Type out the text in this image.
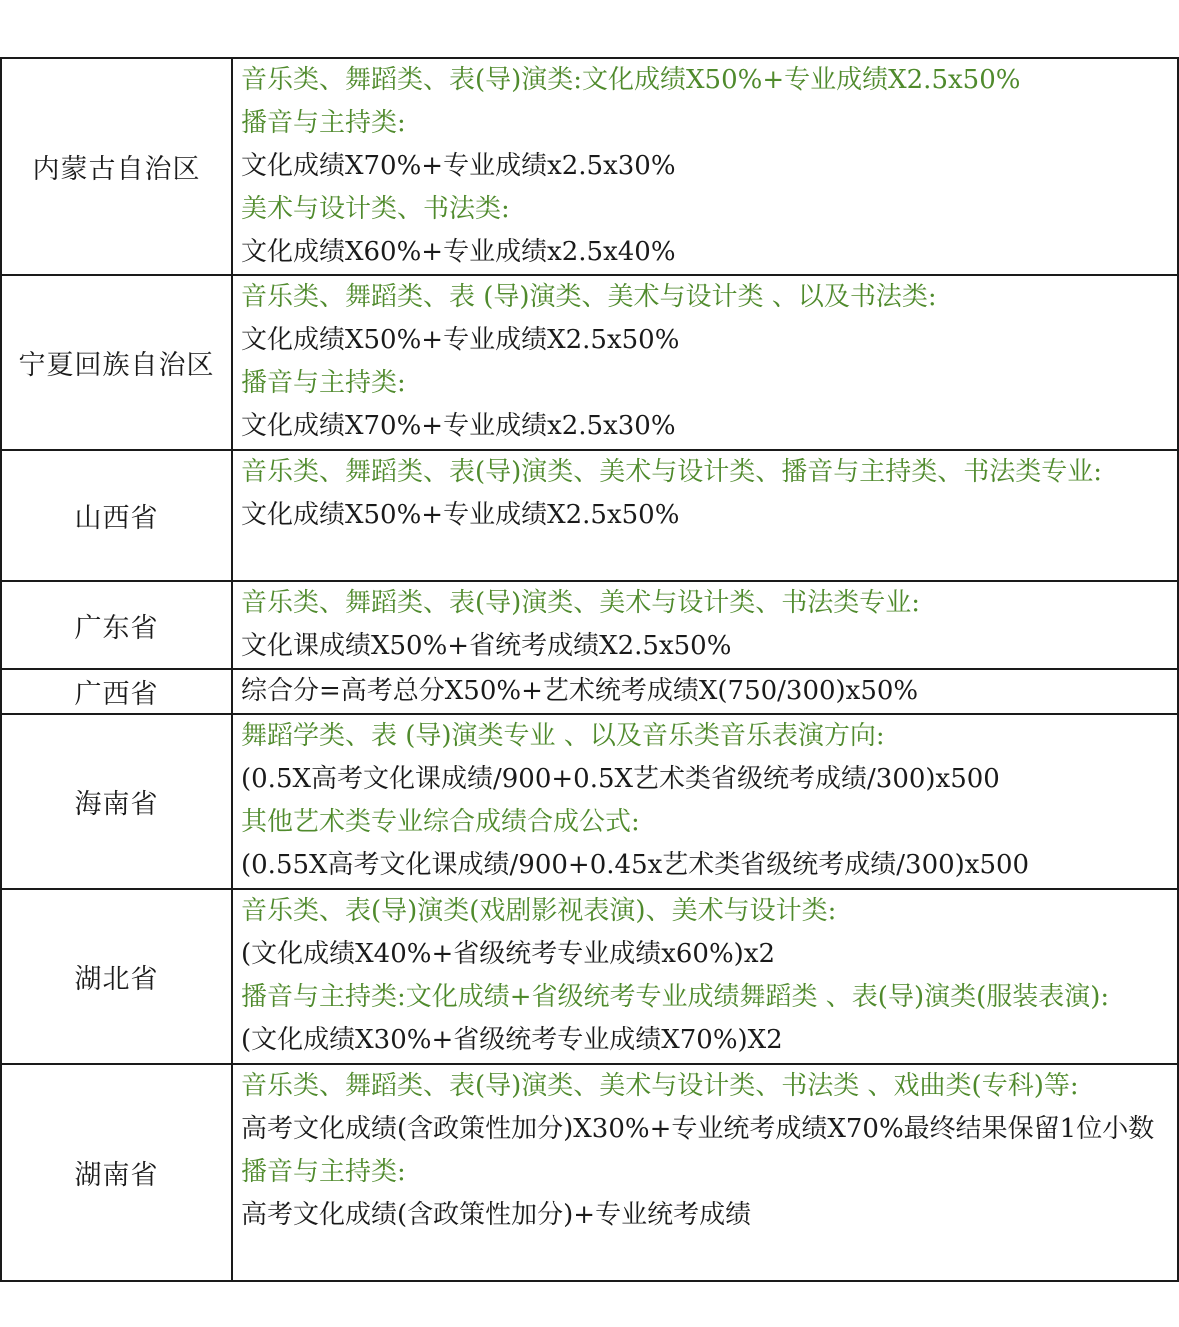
内蒙古自治区	音乐类、舞蹈类、表(导)演类:文化成绩X50%+专业成绩X2.5x50%
播音与主持类:
文化成绩X70%+专业成绩x2.5x30%
美术与设计类、书法类:
文化成绩X60%+专业成绩x2.5x40%

宁夏回族自治区	音乐类、舞蹈类、表 (导)演类、美术与设计类 、以及书法类:
文化成绩X50%+专业成绩X2.5x50%
播音与主持类:
文化成绩X70%+专业成绩x2.5x30%

山西省	音乐类、舞蹈类、表(导)演类、美术与设计类、播音与主持类、书法类专业:
文化成绩X50%+专业成绩X2.5x50%

广东省	音乐类、舞蹈类、表(导)演类、美术与设计类、书法类专业:
文化课成绩X50%+省统考成绩X2.5x50%

广西省	综合分=高考总分X50%+艺术统考成绩X(750/300)x50%

海南省	舞蹈学类、表 (导)演类专业 、以及音乐类音乐表演方向:
(0.5X高考文化课成绩/900+0.5X艺术类省级统考成绩/300)x500
其他艺术类专业综合成绩合成公式:
(0.55X高考文化课成绩/900+0.45x艺术类省级统考成绩/300)x500

湖北省	音乐类、表(导)演类(戏剧影视表演)、美术与设计类:
(文化成绩X40%+省级统考专业成绩x60%)x2
播音与主持类:文化成绩+省级统考专业成绩舞蹈类 、表(导)演类(服装表演):
(文化成绩X30%+省级统考专业成绩X70%)X2

湖南省	音乐类、舞蹈类、表(导)演类、美术与设计类、书法类 、戏曲类(专科)等:
高考文化成绩(含政策性加分)X30%+专业统考成绩X70%最终结果保留1位小数
播音与主持类:
高考文化成绩(含政策性加分)+专业统考成绩
